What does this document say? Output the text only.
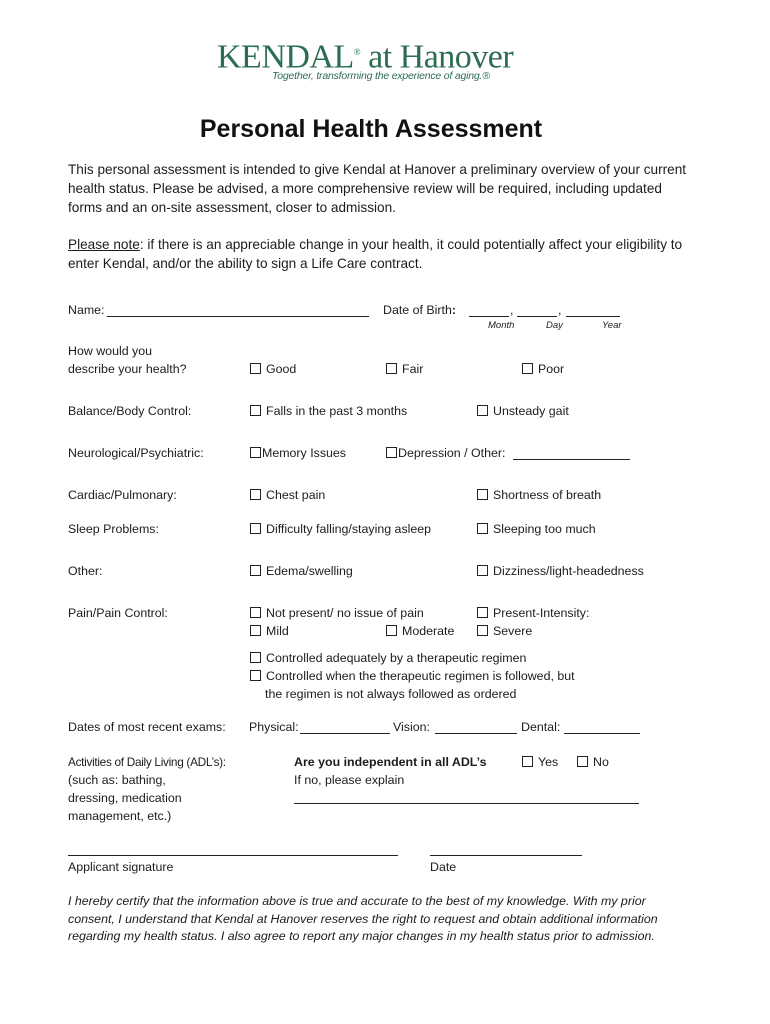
KENDAL® at Hanover
Together, transforming the experience of aging.®
Personal Health Assessment
This personal assessment is intended to give Kendal at Hanover a preliminary overview of your current health status. Please be advised, a more comprehensive review will be required, including updated forms and an on-site assessment, closer to admission.
Please note: if there is an appreciable change in your health, it could potentially affect your eligibility to enter Kendal, and/or the ability to sign a Life Care contract.
Name:	Date of Birth:	,	,
Month	Day	Year
How would you
describe your health?	Good	Fair	Poor
Balance/Body Control:	Falls in the past 3 months	Unsteady gait
Neurological/Psychiatric:	Memory Issues	Depression / Other:
Cardiac/Pulmonary:	Chest pain	Shortness of breath
Sleep Problems:	Difficulty falling/staying asleep	Sleeping too much
Other:	Edema/swelling	Dizziness/light-headedness
Pain/Pain Control:	Not present/ no issue of pain	Present-Intensity:
Mild	Moderate	Severe
Controlled adequately by a therapeutic regimen
Controlled when the therapeutic regimen is followed, but
the regimen is not always followed as ordered
Dates of most recent exams: Physical:	Vision:	Dental:
Activities of Daily Living (ADL’s):
(such as: bathing,
dressing, medication
management, etc.)
Are you independent in all ADL’s	Yes	No
If no, please explain
Applicant signature	Date
I hereby certify that the information above is true and accurate to the best of my knowledge. With my prior consent, I understand that Kendal at Hanover reserves the right to request and obtain additional information regarding my health status. I also agree to report any major changes in my health status prior to admission.
